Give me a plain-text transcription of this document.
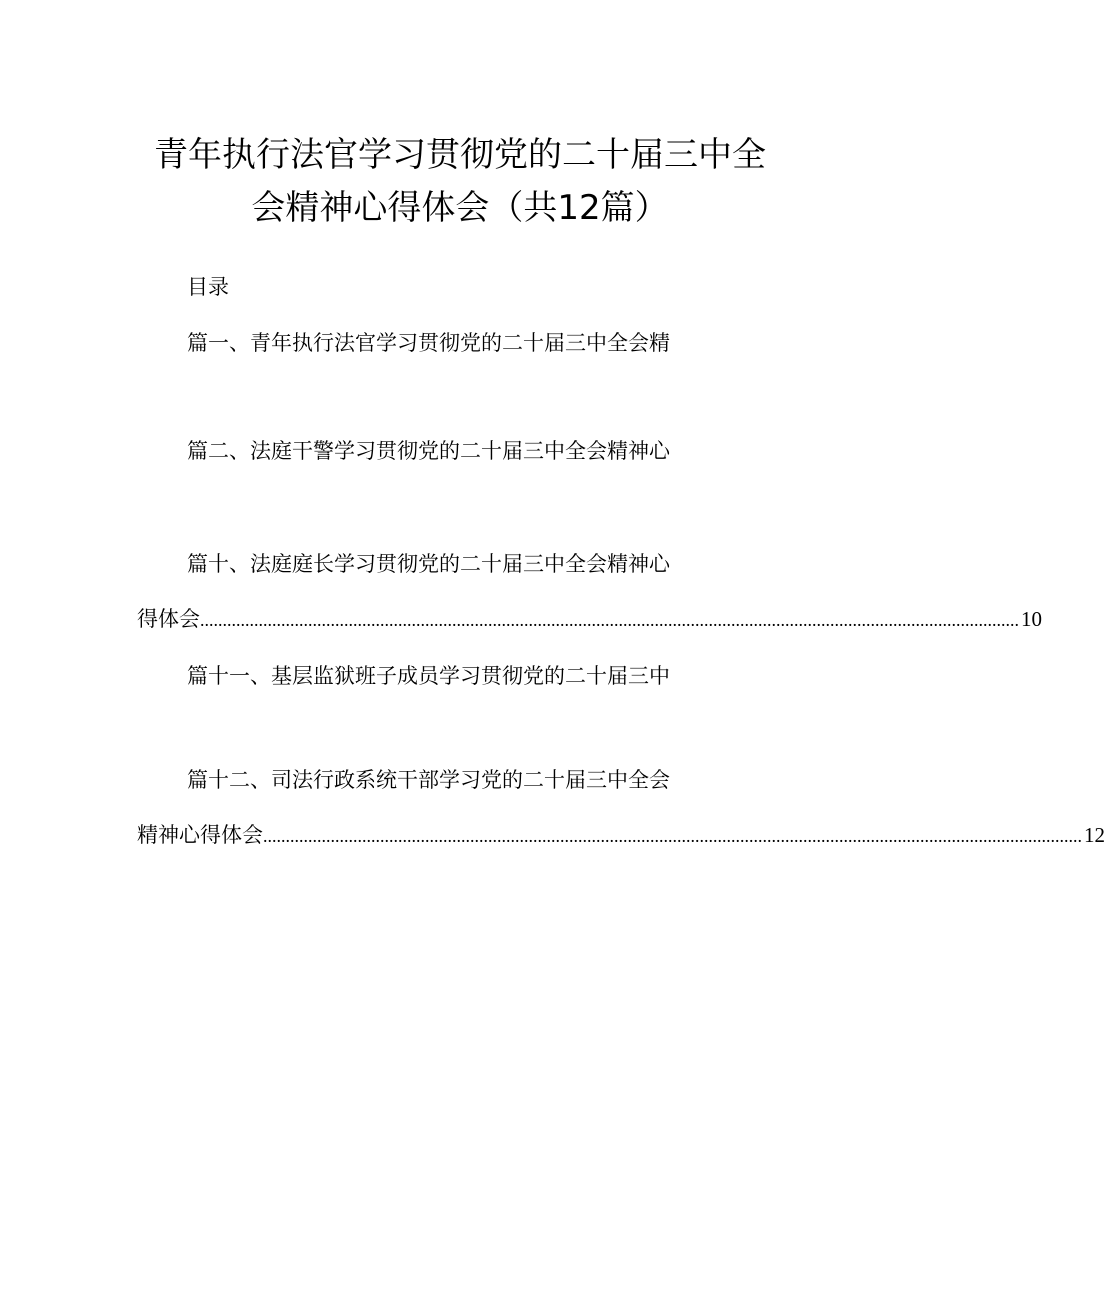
青年执行法官学习贯彻党的二十届三中全
会精神心得体会（共12篇）
目录
篇一、青年执行法官学习贯彻党的二十届三中全会精
篇二、法庭干警学习贯彻党的二十届三中全会精神心
篇十、法庭庭长学习贯彻党的二十届三中全会精神心
得体会 ...................................................................................................................................................................................... 10
篇十一、基层监狱班子成员学习贯彻党的二十届三中
篇十二、司法行政系统干部学习党的二十届三中全会
精神心得体会 ...................................................................................................................................................................................... 12
